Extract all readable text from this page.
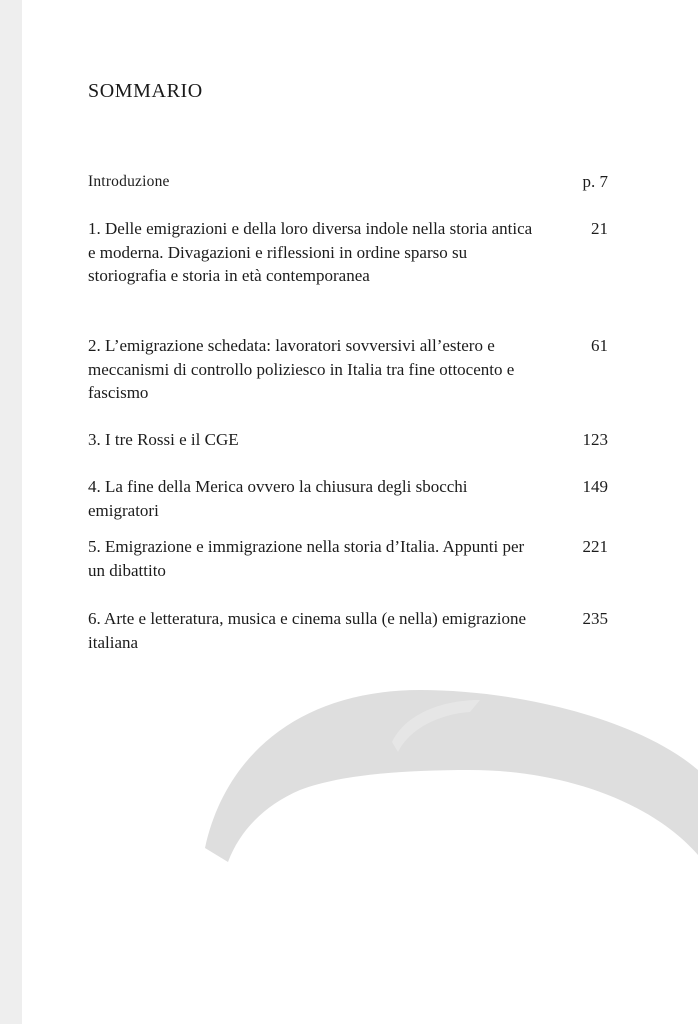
SOMMARIO
Introduzione	p. 7
1. Delle emigrazioni e della loro diversa indole nella storia antica e moderna. Divagazioni e riflessioni in ordine sparso su storiografia e storia in età contemporanea
21
2. L’emigrazione schedata: lavoratori sovversivi all’estero e meccanismi di controllo poliziesco in Italia tra fine ottocento e fascismo
61
3. I tre Rossi e il CGE	123
4. La fine della Merica ovvero la chiusura degli sbocchi emigratori
149
5. Emigrazione e immigrazione nella storia d’Italia. Appunti per un dibattito
221
6. Arte e letteratura, musica e cinema sulla (e nella) emigrazione italiana
235
